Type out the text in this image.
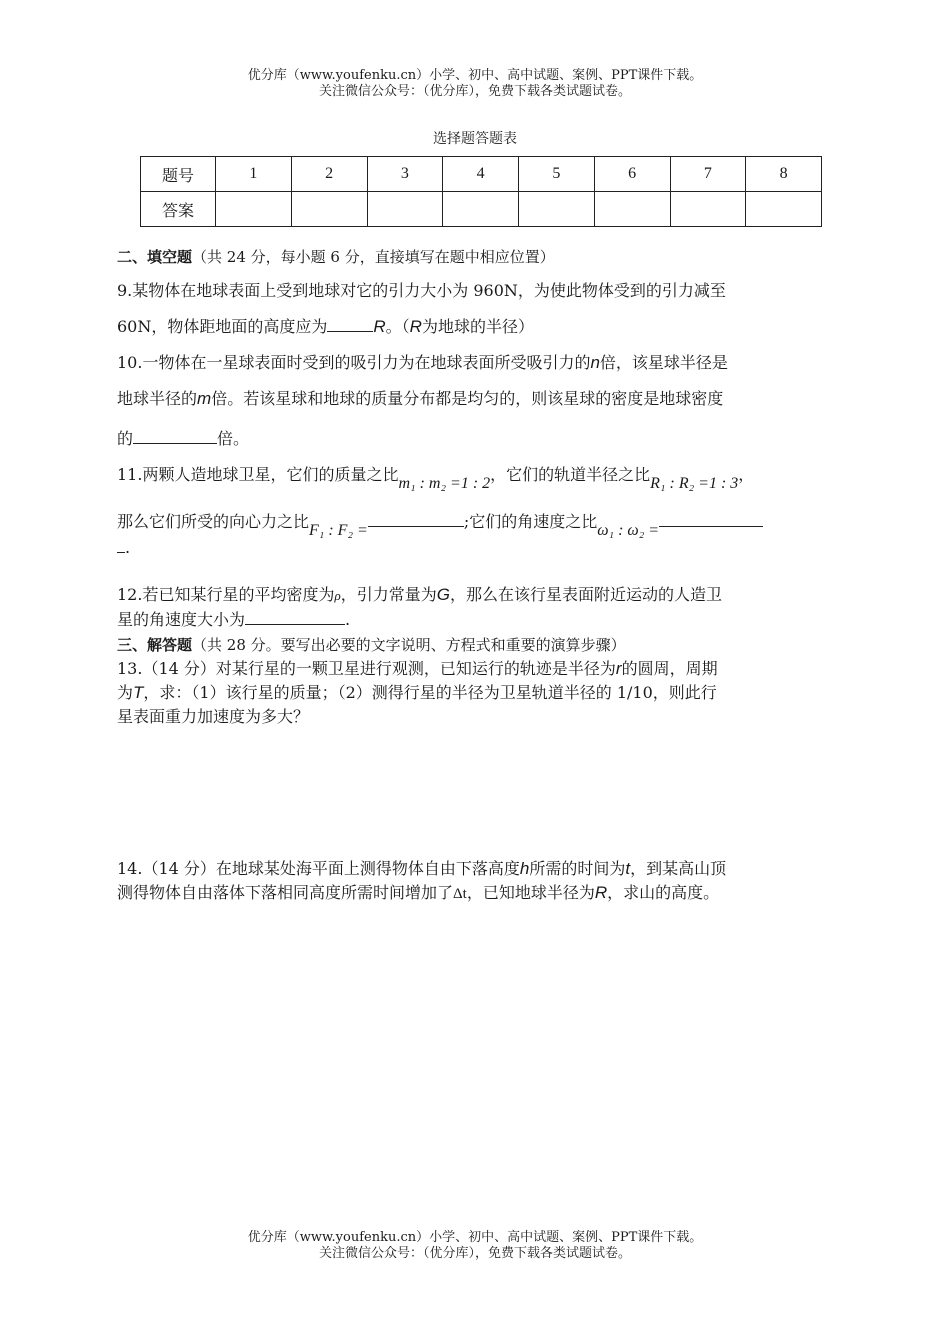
优分库（www.youfenku.cn）小学、初中、高中试题、案例、PPT课件下载。
关注微信公众号：（优分库），免费下载各类试题试卷。
选择题答题表
题号	1	2	3	4	5	6	7	8
答案								
二、填空题（共 24 分，每小题 6 分，直接填写在题中相应位置）
9.某物体在地球表面上受到地球对它的引力大小为 960N，为使此物体受到的引力减至
60N，物体距地面的高度应为	R。（R为地球的半径）
10.一物体在一星球表面时受到的吸引力为在地球表面所受吸引力的n倍，该星球半径是
地球半径的m倍。若该星球和地球的质量分布都是均匀的，则该星球的密度是地球密度
的	倍。
11.两颗人造地球卫星，它们的质量之比m₁ : m₂ =1 : 2，它们的轨道半径之比R₁ : R₂ =1 : 3，
那么它们所受的向心力之比F₁ : F₂ =	;它们的角速度之比ω₁ : ω₂ =
.
12.若已知某行星的平均密度为ρ，引力常量为G，那么在该行星表面附近运动的人造卫
星的角速度大小为	.
三、解答题（共 28 分。要写出必要的文字说明、方程式和重要的演算步骤）
13.（14 分）对某行星的一颗卫星进行观测，已知运行的轨迹是半径为r的圆周，周期
为T，求：（1）该行星的质量；（2）测得行星的半径为卫星轨道半径的 1/10，则此行
星表面重力加速度为多大？
14.（14 分）在地球某处海平面上测得物体自由下落高度h所需的时间为t，到某高山顶
测得物体自由落体下落相同高度所需时间增加了Δt，已知地球半径为R，求山的高度。
优分库（www.youfenku.cn）小学、初中、高中试题、案例、PPT课件下载。
关注微信公众号：（优分库），免费下载各类试题试卷。
